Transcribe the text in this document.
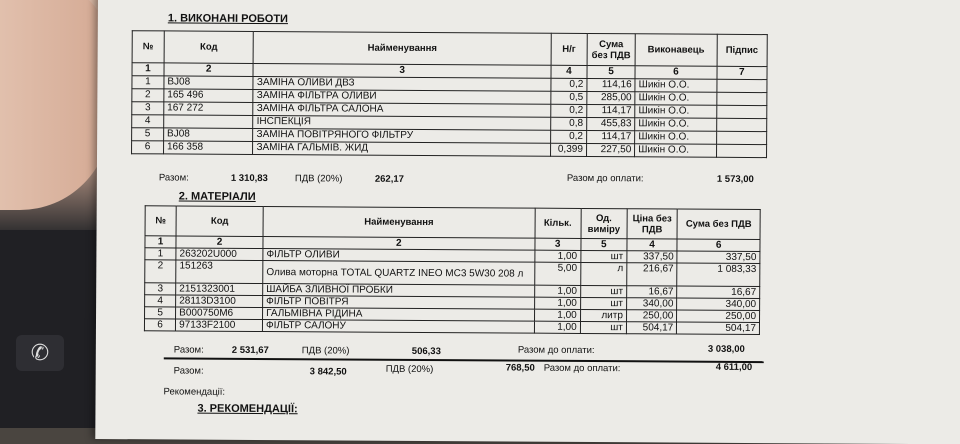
✆
1. ВИКОНАНІ РОБОТИ
№	Код	Найменування	Н/г	Сума без ПДВ	Виконавець	Підпис
1	2	3	4	5	6	7
1	BJ08	ЗАМІНА ОЛИВИ ДВЗ	0,2	114,16	Шикін О.О.	
2	165 496	ЗАМІНА ФІЛЬТРА ОЛИВИ	0,5	285,00	Шикін О.О.	
3	167 272	ЗАМІНА ФІЛЬТРА САЛОНА	0,2	114,17	Шикін О.О.	
4		ІНСПЕКЦІЯ	0,8	455,83	Шикін О.О.	
5	BJ08	ЗАМІНА ПОВІТРЯНОГО ФІЛЬТРУ	0,2	114,17	Шикін О.О.	
6	166 358	ЗАМІНА ГАЛЬМІВ. ЖИД	0,399	227,50	Шикін О.О.	
Разом:	1 310,83	ПДВ (20%)	262,17	Разом до оплати:	1 573,00
2. МАТЕРІАЛИ
№	Код	Найменування	Кільк.	Од. виміру	Ціна без ПДВ	Сума без ПДВ
1	2	2	3	5	4	6
1	263202U000	ФІЛЬТР ОЛИВИ	1,00	шт	337,50	337,50
2	151263	Олива моторна TOTAL QUARTZ INEO MC3 5W30 208 л	5,00	л	216,67	1 083,33
3	2151323001	ШАЙБА ЗЛИВНОЇ ПРОБКИ	1,00	шт	16,67	16,67
4	28113D3100	ФІЛЬТР ПОВІТРЯ	1,00	шт	340,00	340,00
5	B000750M6	ГАЛЬМІВНА РІДИНА	1,00	литр	250,00	250,00
6	97133F2100	ФІЛЬТР САЛОНУ	1,00	шт	504,17	504,17
Разом:	2 531,67	ПДВ (20%)	506,33	Разом до оплати:	3 038,00
Разом:	3 842,50	ПДВ (20%)	768,50 Разом до оплати:	4 611,00
Рекомендації:
3. РЕКОМЕНДАЦІЇ:
